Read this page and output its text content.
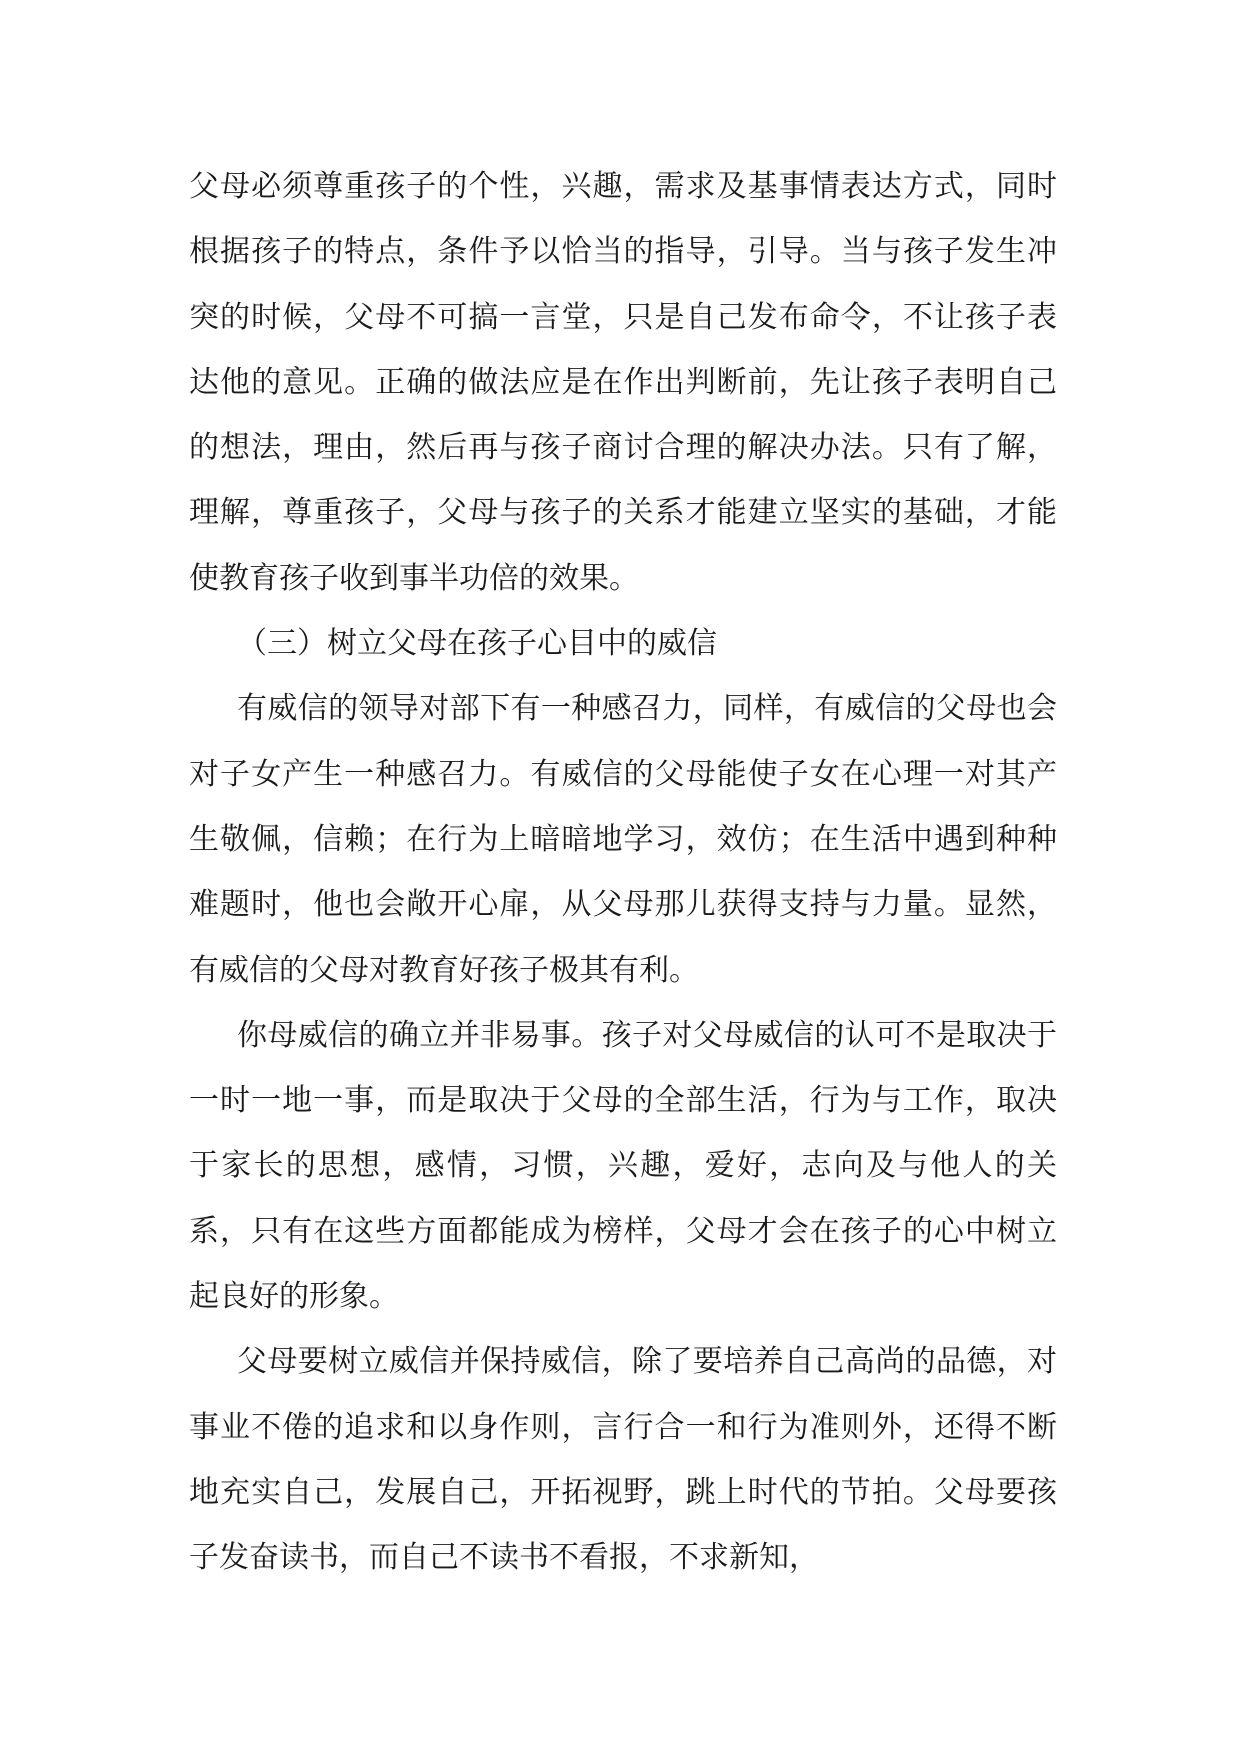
父母必须尊重孩子的个性，兴趣，需求及基事情表达方式，同时根据孩子的特点，条件予以恰当的指导，引导。当与孩子发生冲突的时候，父母不可搞一言堂，只是自己发布命令，不让孩子表达他的意见。正确的做法应是在作出判断前，先让孩子表明自己的想法，理由，然后再与孩子商讨合理的解决办法。只有了解，理解，尊重孩子，父母与孩子的关系才能建立坚实的基础，才能使教育孩子收到事半功倍的效果。

（三）树立父母在孩子心目中的威信

有威信的领导对部下有一种感召力，同样，有威信的父母也会对子女产生一种感召力。有威信的父母能使子女在心理一对其产生敬佩，信赖；在行为上暗暗地学习，效仿；在生活中遇到种种难题时，他也会敞开心扉，从父母那儿获得支持与力量。显然，有威信的父母对教育好孩子极其有利。

你母威信的确立并非易事。孩子对父母威信的认可不是取决于一时一地一事，而是取决于父母的全部生活，行为与工作，取决于家长的思想，感情，习惯，兴趣，爱好，志向及与他人的关系，只有在这些方面都能成为榜样，父母才会在孩子的心中树立起良好的形象。

父母要树立威信并保持威信，除了要培养自己高尚的品德，对事业不倦的追求和以身作则，言行合一和行为准则外，还得不断地充实自己，发展自己，开拓视野，跳上时代的节拍。父母要孩子发奋读书，而自己不读书不看报，不求新知，
